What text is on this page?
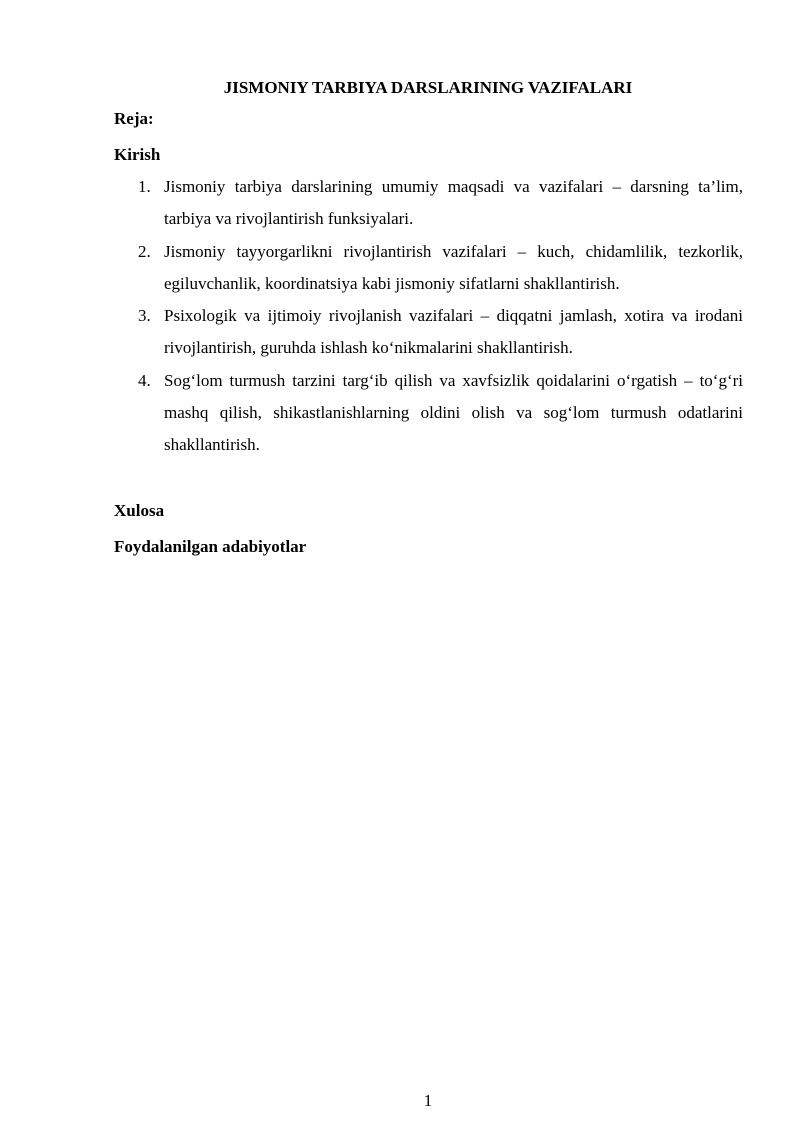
JISMONIY TARBIYA DARSLARINING VAZIFALARI
Reja:
Kirish
1. Jismoniy tarbiya darslarining umumiy maqsadi va vazifalari – darsning ta’lim, tarbiya va rivojlantirish funksiyalari.
2. Jismoniy tayyorgarlikni rivojlantirish vazifalari – kuch, chidamlilik, tezkorlik, egiluvchanlik, koordinatsiya kabi jismoniy sifatlarni shakllantirish.
3. Psixologik va ijtimoiy rivojlanish vazifalari – diqqatni jamlash, xotira va irodani rivojlantirish, guruhda ishlash ko‘nikmalarini shakllantirish.
4. Sog‘lom turmush tarzini targ‘ib qilish va xavfsizlik qoidalarini o‘rgatish – to‘g‘ri mashq qilish, shikastlanishlarning oldini olish va sog‘lom turmush odatlarini shakllantirish.
Xulosa
Foydalanilgan adabiyotlar
1
